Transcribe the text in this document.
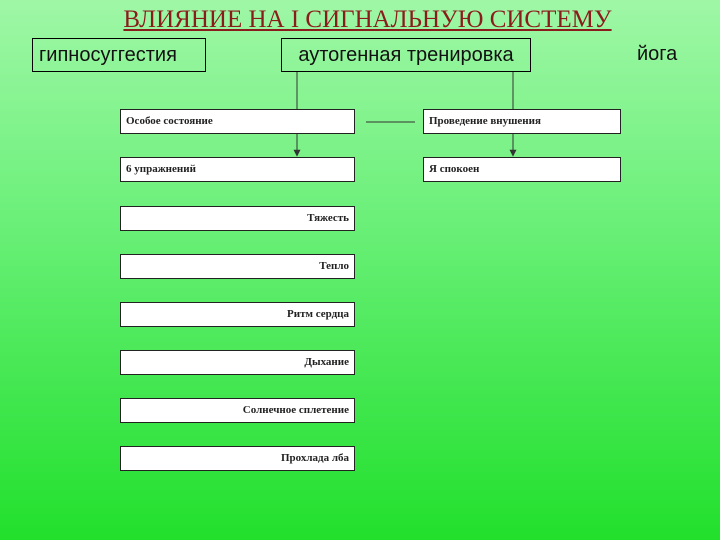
ВЛИЯНИЕ НА I СИГНАЛЬНУЮ СИСТЕМУ
гипносуггестия	аутогенная тренировка	йога
Особое состояние
6 упражнений
Проведение внушения
Я спокоен
Тяжесть
Тепло
Ритм сердца
Дыхание
Солнечное сплетение
Прохлада лба
